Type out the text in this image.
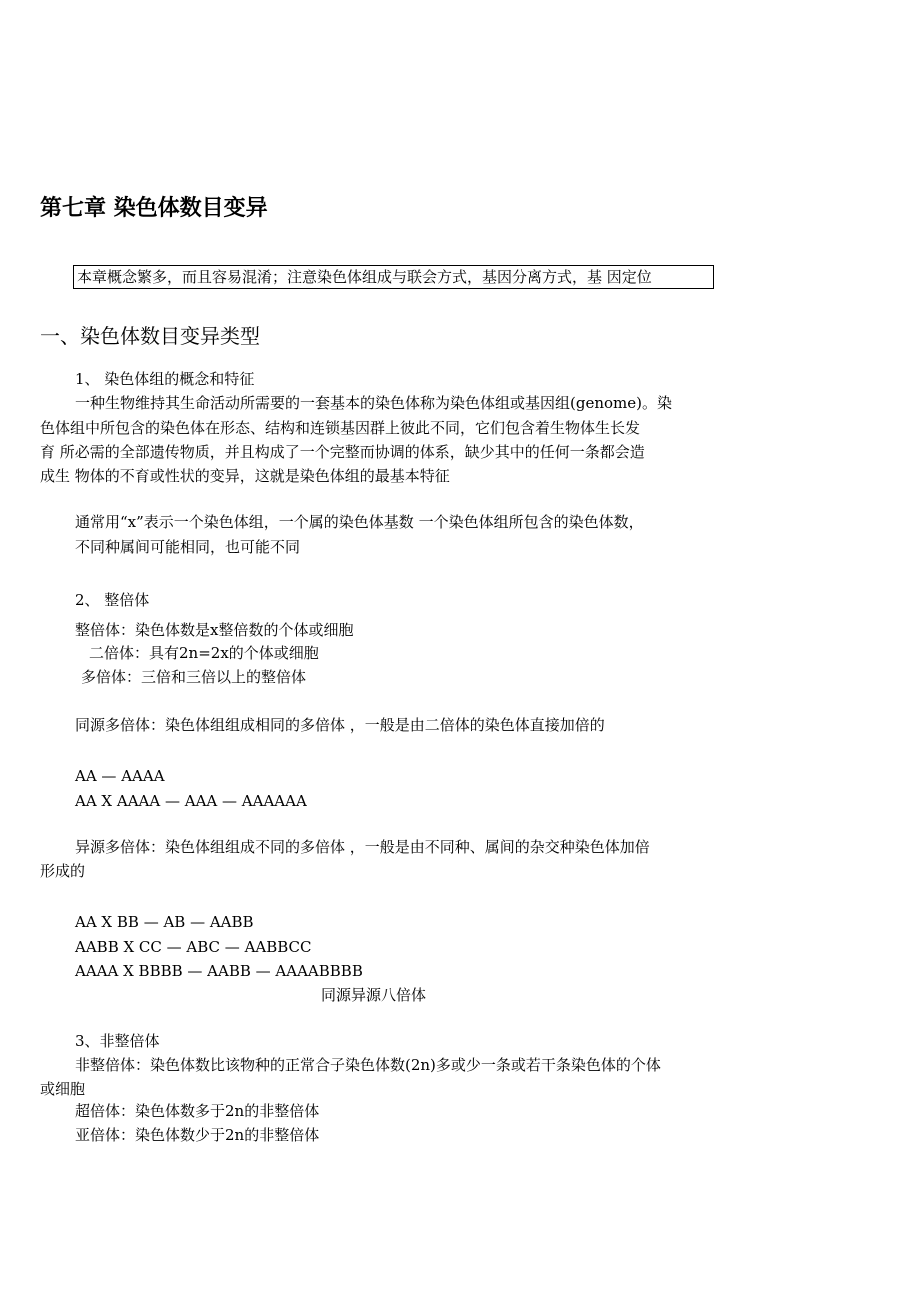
第七章 染色体数目变异
本章概念繁多，而且容易混淆；注意染色体组成与联会方式，基因分离方式，基 因定位
一、染色体数目变异类型
1、 染色体组的概念和特征
一种生物维持其生命活动所需要的一套基本的染色体称为染色体组或基因组(genome)。染
色体组中所包含的染色体在形态、结构和连锁基因群上彼此不同，它们包含着生物体生长发
育 所必需的全部遗传物质，并且构成了一个完整而协调的体系，缺少其中的任何一条都会造
成生 物体的不育或性状的变异，这就是染色体组的最基本特征
通常用“x”表示一个染色体组，一个属的染色体基数 一个染色体组所包含的染色体数，
不同种属间可能相同，也可能不同
2、 整倍体
整倍体：染色体数是x整倍数的个体或细胞
二倍体：具有2n=2x的个体或细胞
多倍体：三倍和三倍以上的整倍体
同源多倍体：染色体组组成相同的多倍体 ，一般是由二倍体的染色体直接加倍的
AA — AAAA
AA X AAAA — AAA — AAAAAA
异源多倍体：染色体组组成不同的多倍体 ，一般是由不同种、属间的杂交种染色体加倍
形成的
AA X BB — AB — AABB
AABB X CC — ABC — AABBCC
AAAA X BBBB — AABB — AAAABBBB
同源异源八倍体
3、非整倍体
非整倍体：染色体数比该物种的正常合子染色体数(2n)多或少一条或若干条染色体的个体
或细胞
超倍体：染色体数多于2n的非整倍体
亚倍体：染色体数少于2n的非整倍体
